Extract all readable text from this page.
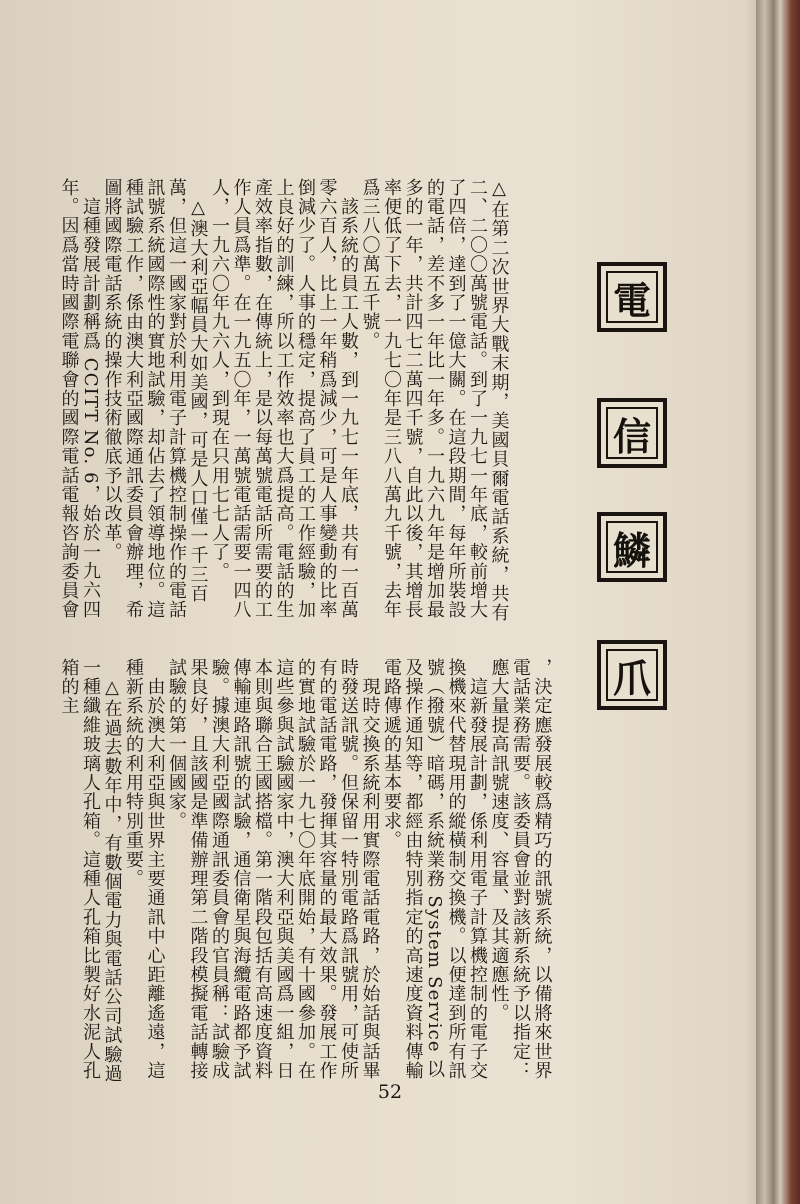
△在第二次世界大戰末期，美國貝爾電話系統，共有二、二〇〇萬號電話。到了一九七一年底，較前增大了四倍，達到了一億大關。在這段期間，每年所裝設的電話，差不多一年比一年多。一九六九年是增加最多的一年，共計四七二萬四千號，自此以後，其增長率便低了下去，一九七〇年是三八八萬九千號，去年爲三八〇萬五千號。
　該系統的員工人數，到一九七一年底，共有一百萬零六百人，比上一年稍爲減少，可是人事變動的比率倒減少了。人事的穩定，提高了員工的工作經驗，加上良好的訓練，所以工作效率也大爲提高。電話的生產效率指數，在傳統上，是以每萬號電話所需要的工作人員爲準。在一九五〇年，一萬號電話需要一四八人，一九六〇年九六人，到現在只用七七人了。
　△澳大利亞幅員大如美國，可是人口僅一千三百萬，但這一國家對於利用電子計算機控制操作的電話訊號系統國際性的實地試驗，却佔去了領導地位。這種試驗工作，係由澳大利亞國際通訊委員會辦理，希圖將國際電話系統的操作技術徹底予以改革。
　這種發展計劃稱爲 CCITT No. 6，始於一九六四年。因爲當時國際電聯會的國際電話電報咨詢委員會	電
信
鱗
爪
，決定應發展較爲精巧的訊號系統，以備將來世界電話業務需要。該委員會並對該新系統予以指定：應大量提高訊號速度、容量、及其適應性。
　這新發展計劃，係利用電子計算機控制的電子交換機來代替現用的縱橫制交換機。以便達到所有訊號（撥號）暗碼，系統業務 System Service 以及操作通知等，都經由特別指定的高速度資料傳輸電路傳遞的基本要求。
　現時交換系統利用實際電話電路，於始話與話畢時發送訊號。但保留一特別電路爲訊號用，可使所有的電話電路，發揮其容量的最大效果。發展工作的實地試驗於一九七〇年底開始，有十國參加。在這些參與試驗國家中，澳大利亞與美國爲一組，日本則與聯合王國搭檔。第一階段包括有高速度資料傳輸連路訊號的試驗，通信衛星與海纜電路都予試驗。據澳大利亞國際通訊委員會的官員稱：試驗成果良好，且該國是準備辦理第二階段模擬電話轉接試驗的第一個國家。
　由於澳大利亞與世界主要通訊中心距離遙遠，這種新系統的利用特別重要。
　△在過去數年中，有數個電力與電話公司試驗過一種纖維玻璃人孔箱。這種人孔箱比製好水泥人孔箱的主
52
